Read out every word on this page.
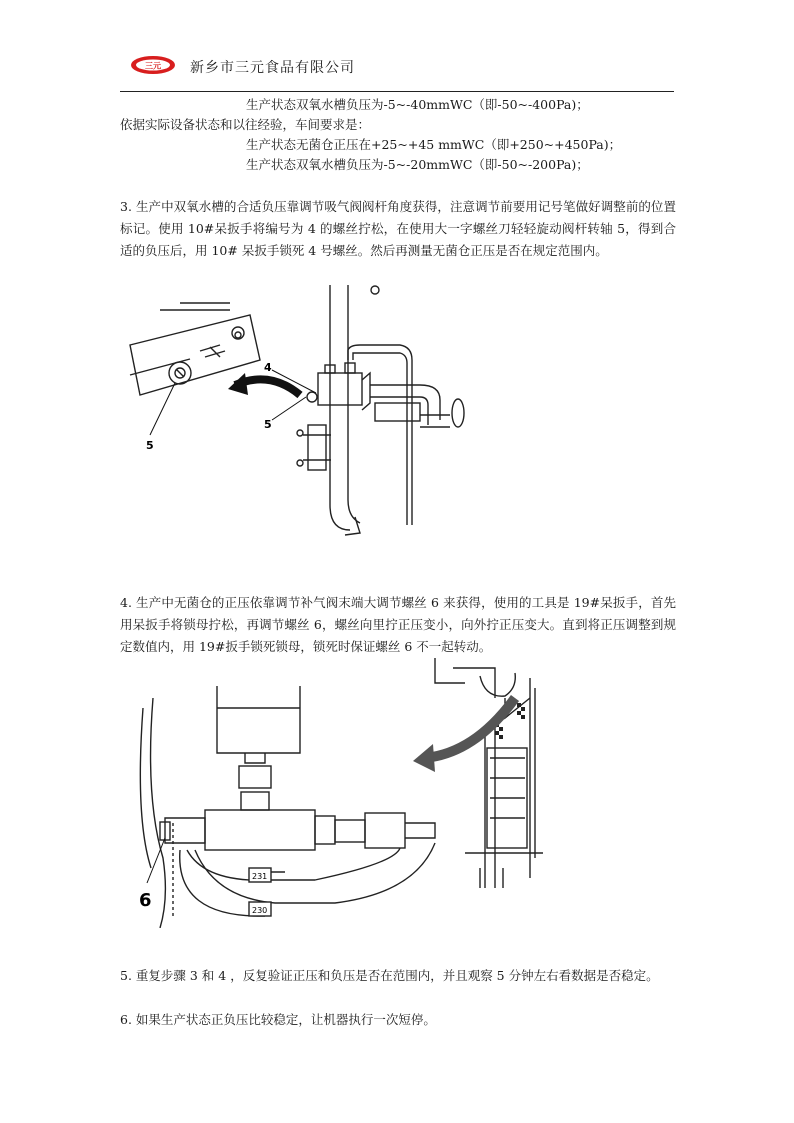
三元 新乡市三元食品有限公司
生产状态双氧水槽负压为-5~-40mmWC（即-50~-400Pa)；
依据实际设备状态和以往经验，车间要求是：
生产状态无菌仓正压在+25~+45 mmWC（即+250~+450Pa)；
生产状态双氧水槽负压为-5~-20mmWC（即-50~-200Pa)；
3. 生产中双氧水槽的合适负压靠调节吸气阀阀杆角度获得，注意调节前要用记号笔做好调整前的位置标记。使用 10#呆扳手将编号为 4 的螺丝拧松，在使用大一字螺丝刀轻轻旋动阀杆转轴 5，得到合适的负压后，用 10# 呆扳手锁死 4 号螺丝。然后再测量无菌仓正压是否在规定范围内。
4
5
5
4. 生产中无菌仓的正压依靠调节补气阀末端大调节螺丝 6 来获得，使用的工具是 19#呆扳手，首先用呆扳手将锁母拧松，再调节螺丝 6，螺丝向里拧正压变小，向外拧正压变大。直到将正压调整到规定数值内，用 19#扳手锁死锁母，锁死时保证螺丝 6 不一起转动。
6
231
230
5. 重复步骤 3 和 4 ，反复验证正压和负压是否在范围内，并且观察 5 分钟左右看数据是否稳定。
6. 如果生产状态正负压比较稳定，让机器执行一次短停。
